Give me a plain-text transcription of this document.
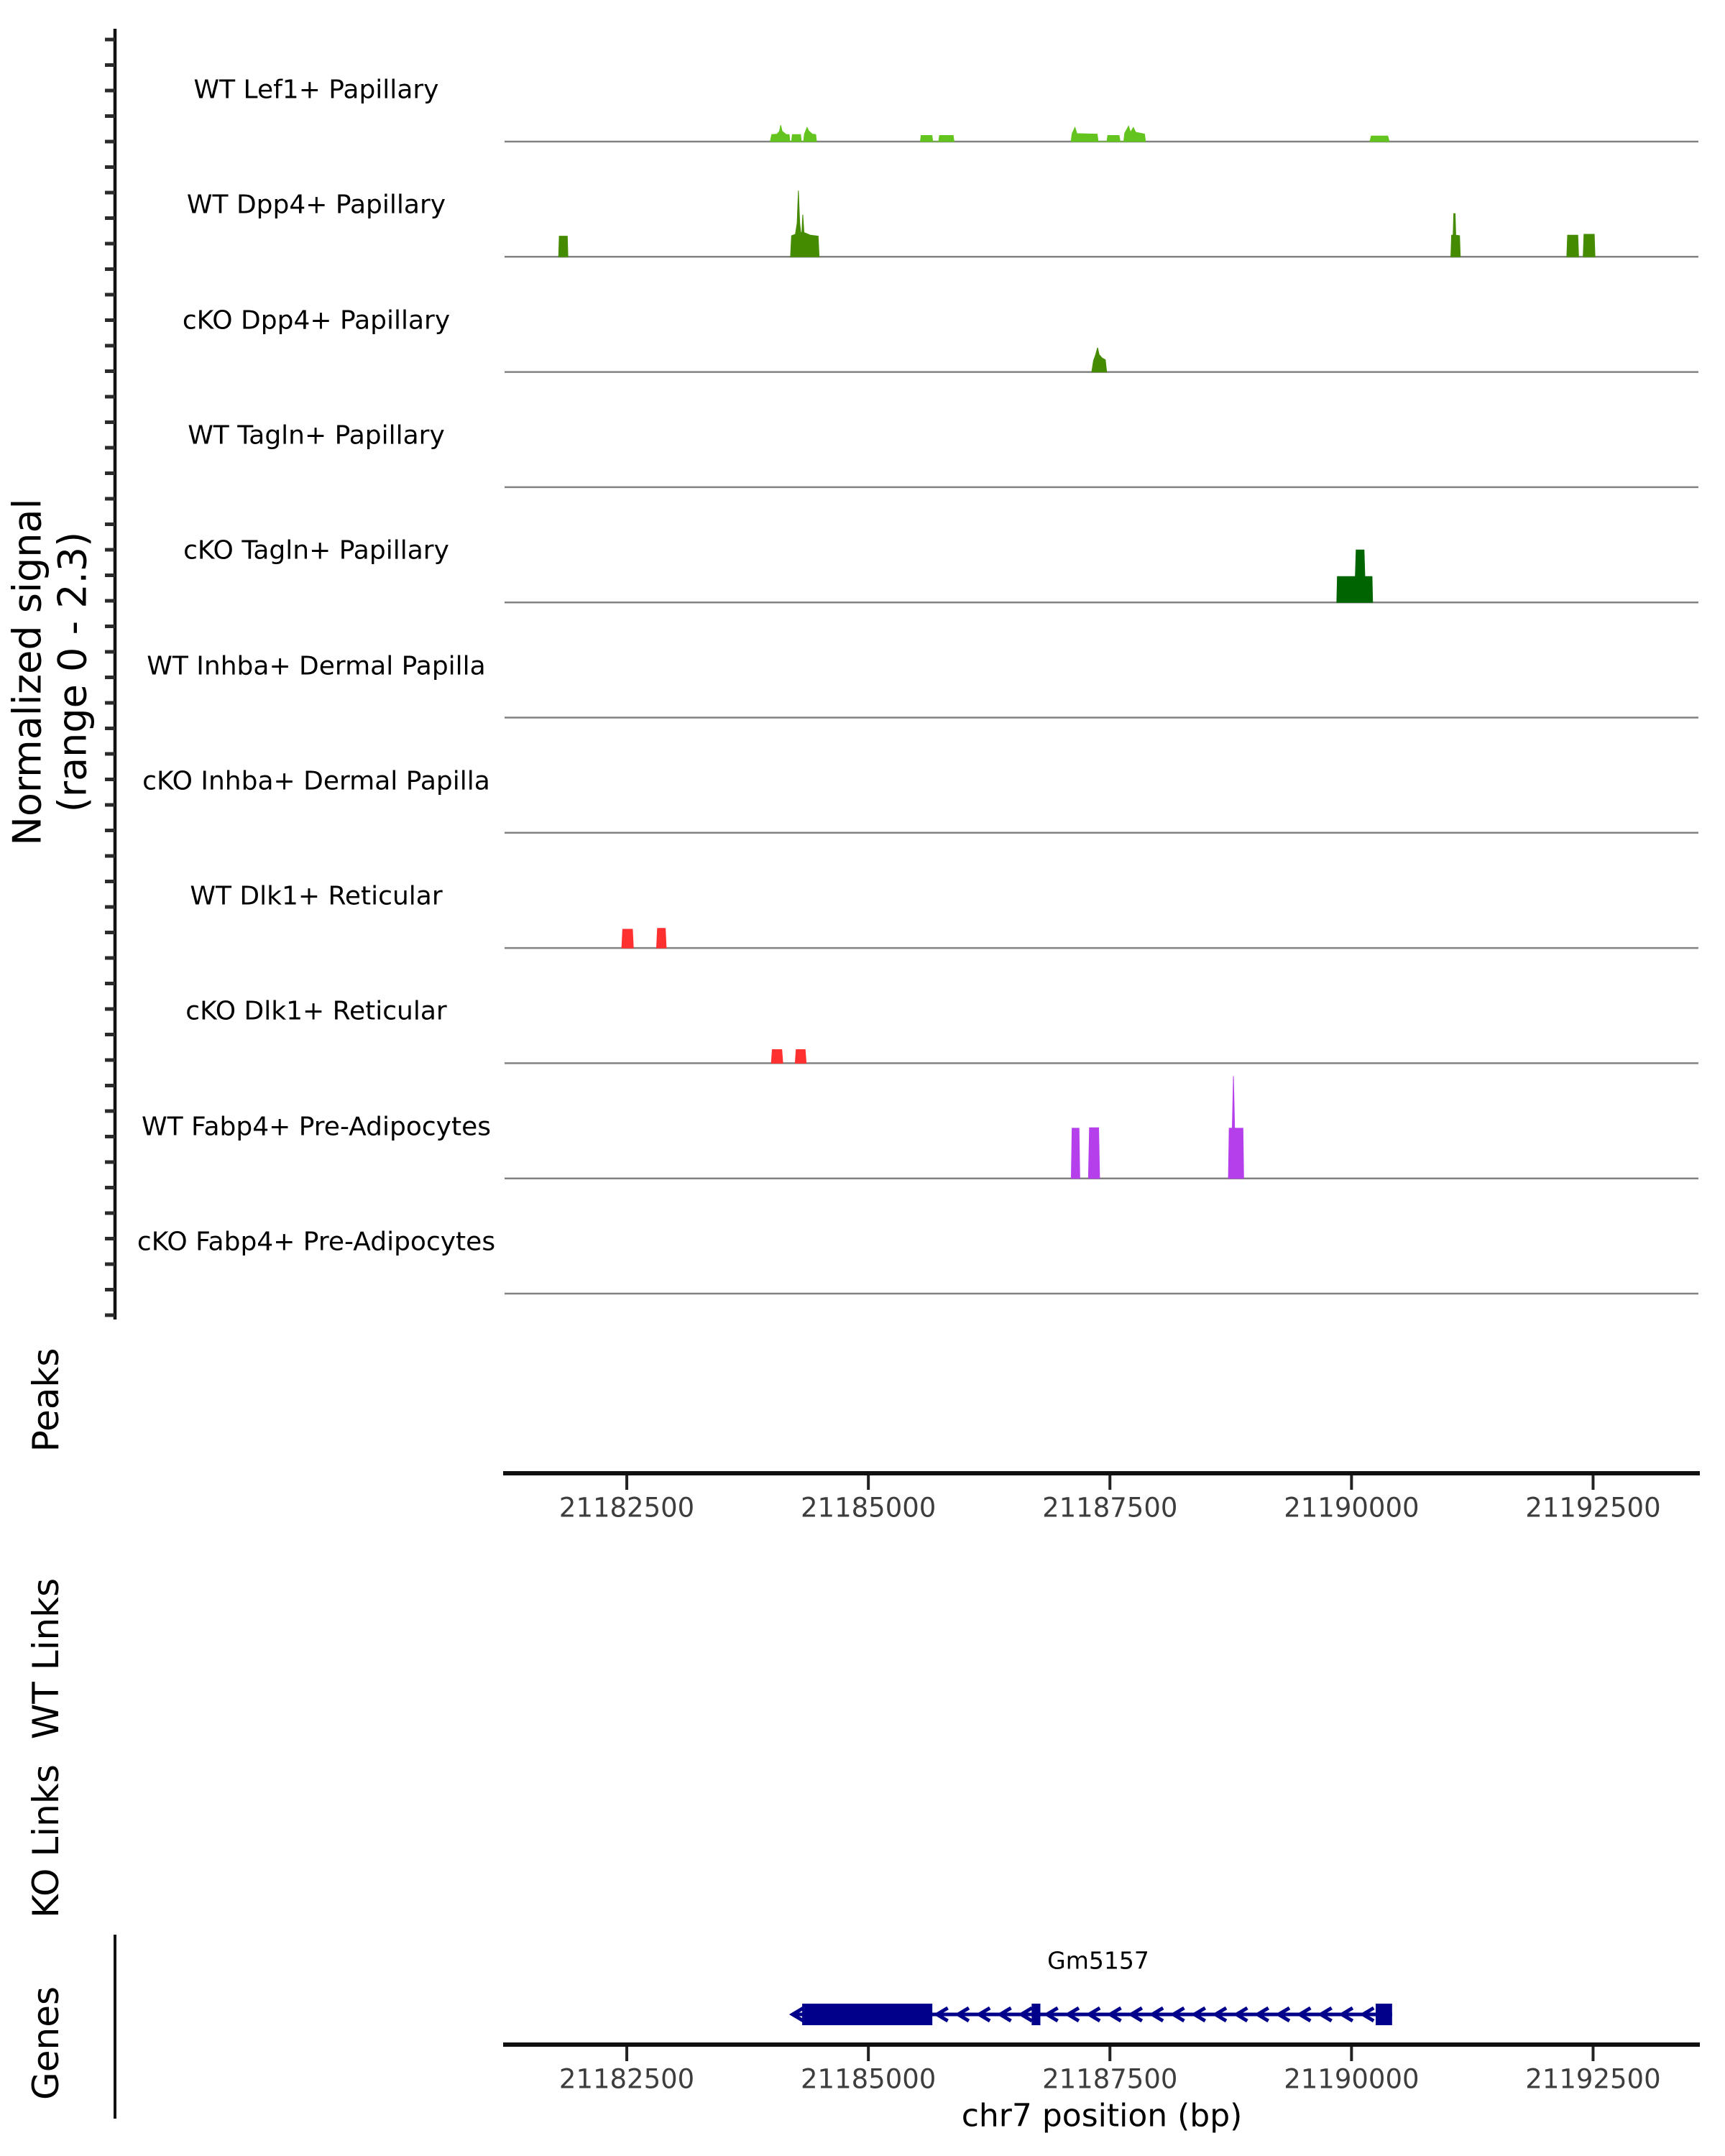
Normalized signal (range 0 - 2.3)
Peaks
WT Links
KO Links
Genes
chr7 position (bp)
Gm5157
WT Lef1+ Papillary
WT Dpp4+ Papillary
cKO Dpp4+ Papillary
WT Tagln+ Papillary
cKO Tagln+ Papillary
WT Inhba+ Dermal Papilla
cKO Inhba+ Dermal Papilla
WT Dlk1+ Reticular
cKO Dlk1+ Reticular
WT Fabp4+ Pre-Adipocytes
cKO Fabp4+ Pre-Adipocytes
21182500	21185000	21187500	21190000	21192500
21182500	21185000	21187500	21190000	21192500
